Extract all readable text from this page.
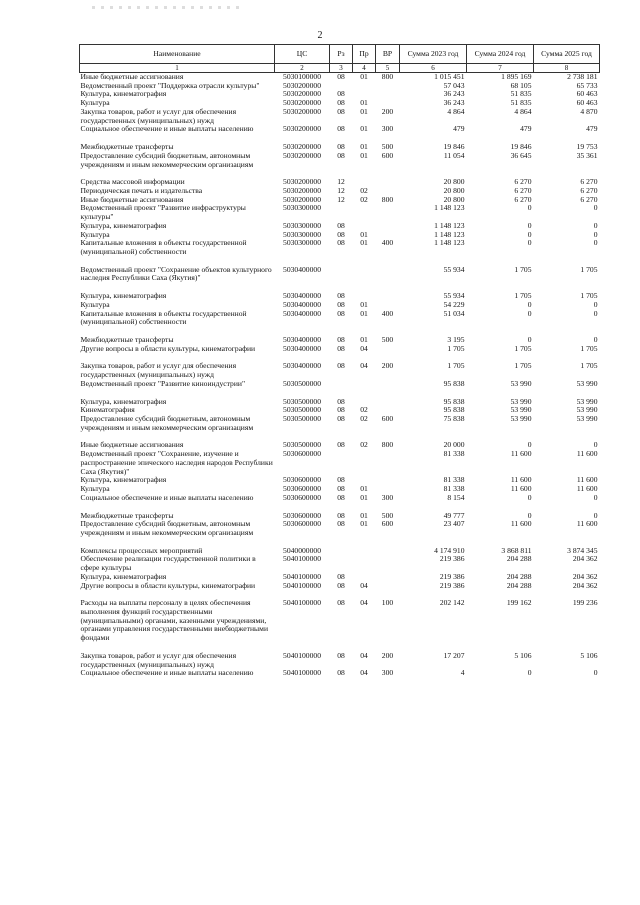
2
Наименование	ЦС	Рз	Пр	ВР	Сумма 2023 год	Сумма 2024 год	Сумма 2025 год
1	2	3	4	5	6	7	8
Иные бюджетные ассигнования	5030100000	08	01	800	1 015 451	1 895 169	2 738 181
Ведомственный проект "Поддержка отрасли культуры"	5030200000				57 043	68 105	65 733
Культура, кинематография	5030200000	08			36 243	51 835	60 463
Культура	5030200000	08	01		36 243	51 835	60 463
Закупка товаров, работ и услуг для обеспечения государственных (муниципальных) нужд	5030200000	08	01	200	4 864	4 864	4 870
Социальное обеспечение и иные выплаты населению	5030200000	08	01	300	479	479	479

Межбюджетные трансферты	5030200000	08	01	500	19 846	19 846	19 753
Предоставление субсидий бюджетным, автономным учреждениям и иным некоммерческим организациям	5030200000	08	01	600	11 054	36 645	35 361

Средства массовой информации	5030200000	12			20 800	6 270	6 270
Периодическая печать и издательства	5030200000	12	02		20 800	6 270	6 270
Иные бюджетные ассигнования	5030200000	12	02	800	20 800	6 270	6 270
Ведомственный проект "Развитие инфраструктуры культуры"	5030300000				1 148 123	0	0
Культура, кинематография	5030300000	08			1 148 123	0	0
Культура	5030300000	08	01		1 148 123	0	0
Капитальные вложения в объекты государственной (муниципальной) собственности	5030300000	08	01	400	1 148 123	0	0

Ведомственный проект "Сохранение объектов культурного наследия Республики Саха (Якутия)"	5030400000				55 934	1 705	1 705

Культура, кинематография	5030400000	08			55 934	1 705	1 705
Культура	5030400000	08	01		54 229	0	0
Капитальные вложения в объекты государственной (муниципальной) собственности	5030400000	08	01	400	51 034	0	0

Межбюджетные трансферты	5030400000	08	01	500	3 195	0	0
Другие вопросы в области культуры, кинематографии	5030400000	08	04		1 705	1 705	1 705

Закупка товаров, работ и услуг для обеспечения государственных (муниципальных) нужд	5030400000	08	04	200	1 705	1 705	1 705
Ведомственный проект "Развитие киноиндустрии"	5030500000				95 838	53 990	53 990

Культура, кинематография	5030500000	08			95 838	53 990	53 990
Кинематография	5030500000	08	02		95 838	53 990	53 990
Предоставление субсидий бюджетным, автономным учреждениям и иным некоммерческим организациям	5030500000	08	02	600	75 838	53 990	53 990

Иные бюджетные ассигнования	5030500000	08	02	800	20 000	0	0
Ведомственный проект "Сохранение, изучение и распространение эпического наследия народов Республики Саха (Якутия)"	5030600000				81 338	11 600	11 600
Культура, кинематография	5030600000	08			81 338	11 600	11 600
Культура	5030600000	08	01		81 338	11 600	11 600
Социальное обеспечение и иные выплаты населению	5030600000	08	01	300	8 154	0	0

Межбюджетные трансферты	5030600000	08	01	500	49 777	0	0
Предоставление субсидий бюджетным, автономным учреждениям и иным некоммерческим организациям	5030600000	08	01	600	23 407	11 600	11 600

Комплексы процессных мероприятий	5040000000				4 174 910	3 868 811	3 874 345
Обеспечение реализации государственной политики в сфере культуры	5040100000				219 386	204 288	204 362
Культура, кинематография	5040100000	08			219 386	204 288	204 362
Другие вопросы в области культуры, кинематографии	5040100000	08	04		219 386	204 288	204 362

Расходы на выплаты персоналу в целях обеспечения выполнения функций государственными (муниципальными) органами, казенными учреждениями, органами управления государственными внебюджетными фондами	5040100000	08	04	100	202 142	199 162	199 236

Закупка товаров, работ и услуг для обеспечения государственных (муниципальных) нужд	5040100000	08	04	200	17 207	5 106	5 106
Социальное обеспечение и иные выплаты населению	5040100000	08	04	300	4	0	0
